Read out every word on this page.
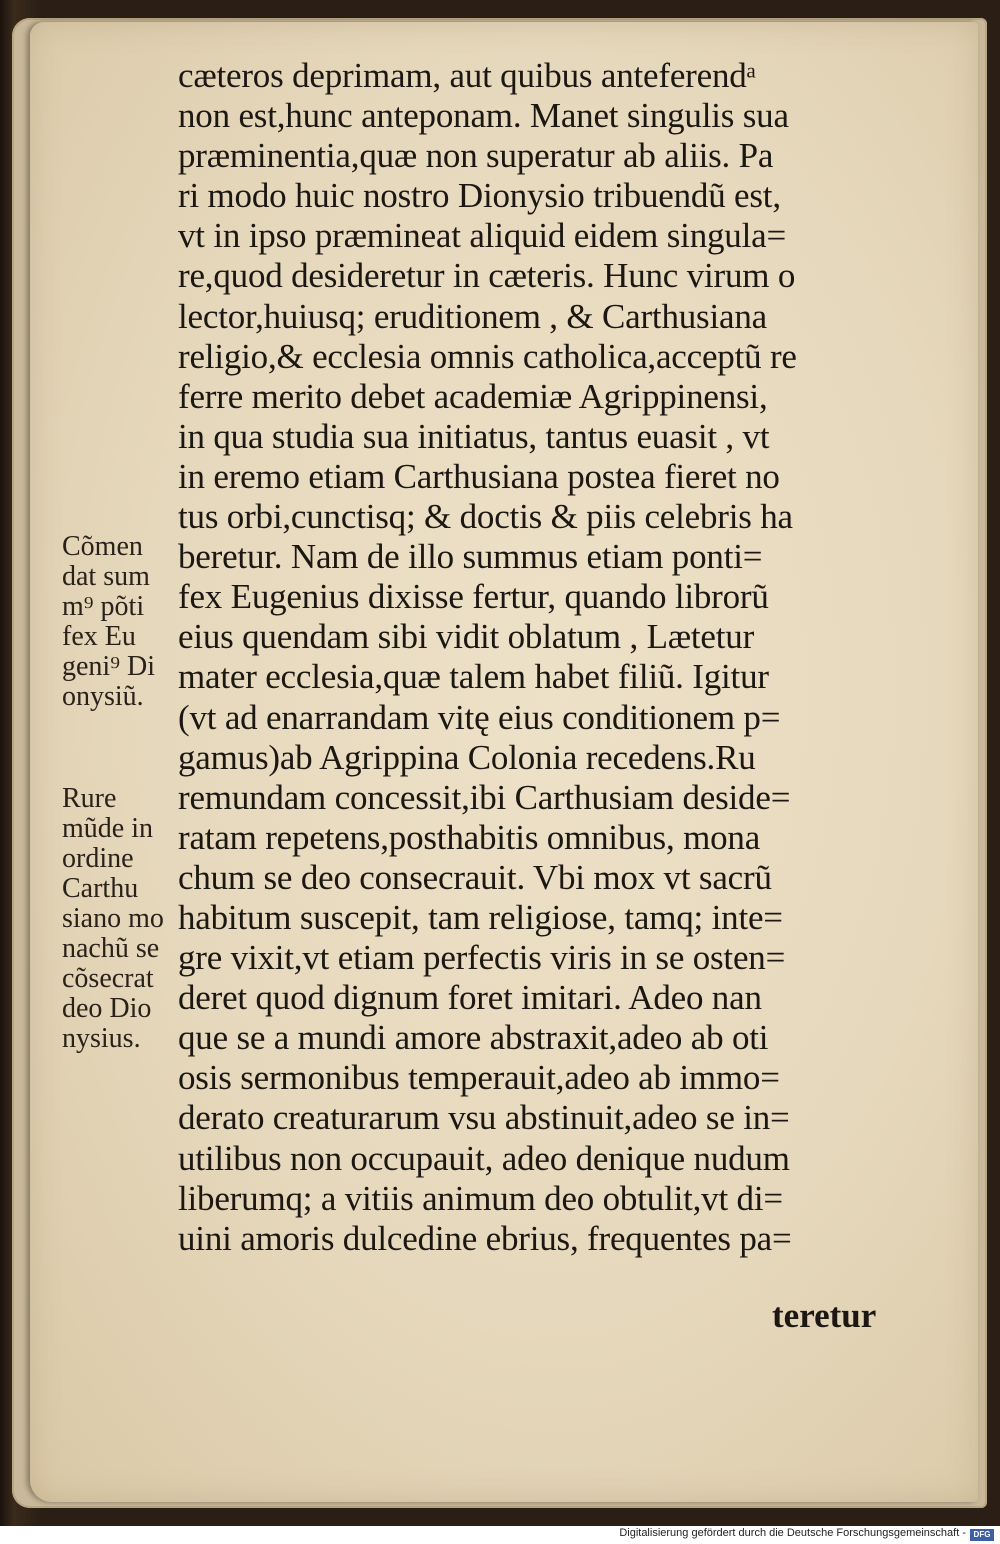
cæteros deprimam, aut quibus anteferendᵃ
non est,hunc anteponam. Manet singulis sua
præminentia,quæ non superatur ab aliis. Pa
ri modo huic nostro Dionysio tribuendũ est,
vt in ipso præmineat aliquid eidem singula=
re,quod desideretur in cæteris. Hunc virum o
lector,huiusq; eruditionem , & Carthusiana
religio,& ecclesia omnis catholica,acceptũ re
ferre merito debet academiæ Agrippinensi,
in qua studia sua initiatus, tantus euasit , vt
in eremo etiam Carthusiana postea fieret no
tus orbi,cunctisq; & doctis & piis celebris ha
beretur. Nam de illo summus etiam ponti=
fex Eugenius dixisse fertur, quando librorũ
eius quendam sibi vidit oblatum , Lætetur
mater ecclesia,quæ talem habet filiũ. Igitur
(vt ad enarrandam vitę eius conditionem p=
gamus)ab Agrippina Colonia recedens.Ru
remundam concessit,ibi Carthusiam deside=
ratam repetens,posthabitis omnibus, mona
chum se deo consecrauit. Vbi mox vt sacrũ
habitum suscepit, tam religiose, tamq; inte=
gre vixit,vt etiam perfectis viris in se osten=
deret quod dignum foret imitari. Adeo nan
que se a mundi amore abstraxit,adeo ab oti
osis sermonibus temperauit,adeo ab immo=
derato creaturarum vsu abstinuit,adeo se in=
utilibus non occupauit, adeo denique nudum
liberumq; a vitiis animum deo obtulit,vt di=
uini amoris dulcedine ebrius, frequentes pa=
teretur
Cõmen
dat sum
m⁹ põti
fex Eu
geni⁹ Di
onysiũ.
Rure
mũde in
ordine
Carthu
siano mo
nachũ se
cõsecrat
deo Dio
nysius.
Digitalisierung gefördert durch die Deutsche Forschungsgemeinschaft - DFG
